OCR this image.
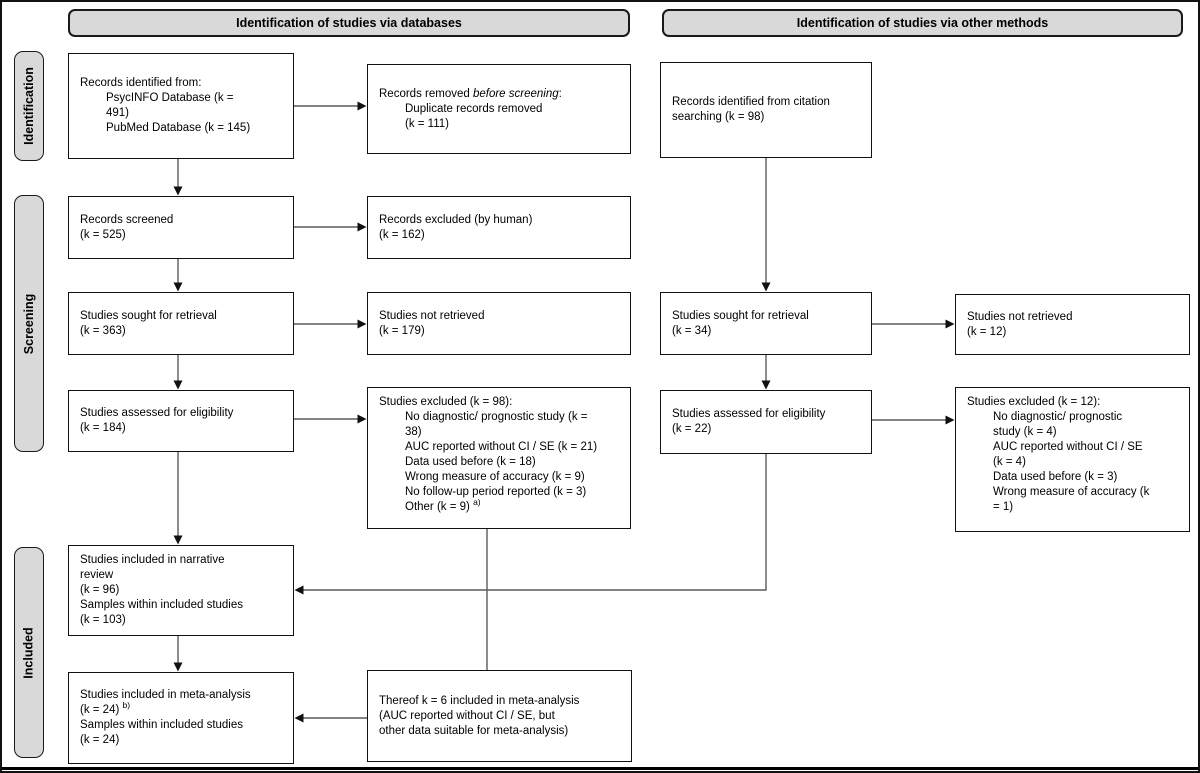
Identification of studies via databases	Identification of studies via other methods
Identification
Screening
Included
Records identified from:
PsycINFO Database (k =
491)
PubMed Database (k = 145)
Records screened
(k = 525)
Studies sought for retrieval
(k = 363)
Studies assessed for eligibility
(k = 184)
Studies included in narrative
review
(k = 96)
Samples within included studies
(k = 103)
Studies included in meta-analysis
(k = 24) $^{b)}$
Samples within included studies
(k = 24)
Records removed before screening:
Duplicate records removed
(k = 111)
Records excluded (by human)
(k = 162)
Studies not retrieved
(k = 179)
Studies excluded (k = 98):
No diagnostic/ prognostic study (k =
38)
AUC reported without CI / SE (k = 21)
Data used before (k = 18)
Wrong measure of accuracy (k = 9)
No follow-up period reported (k = 3)
Other (k = 9) $^{a)}$
Thereof k = 6 included in meta-analysis
(AUC reported without CI / SE, but
other data suitable for meta-analysis)
Records identified from citation
searching (k = 98)
Studies sought for retrieval
(k = 34)
Studies assessed for eligibility
(k = 22)
Studies not retrieved
(k = 12)
Studies excluded (k = 12):
No diagnostic/ prognostic
study (k = 4)
AUC reported without CI / SE
(k = 4)
Data used before (k = 3)
Wrong measure of accuracy (k
= 1)
